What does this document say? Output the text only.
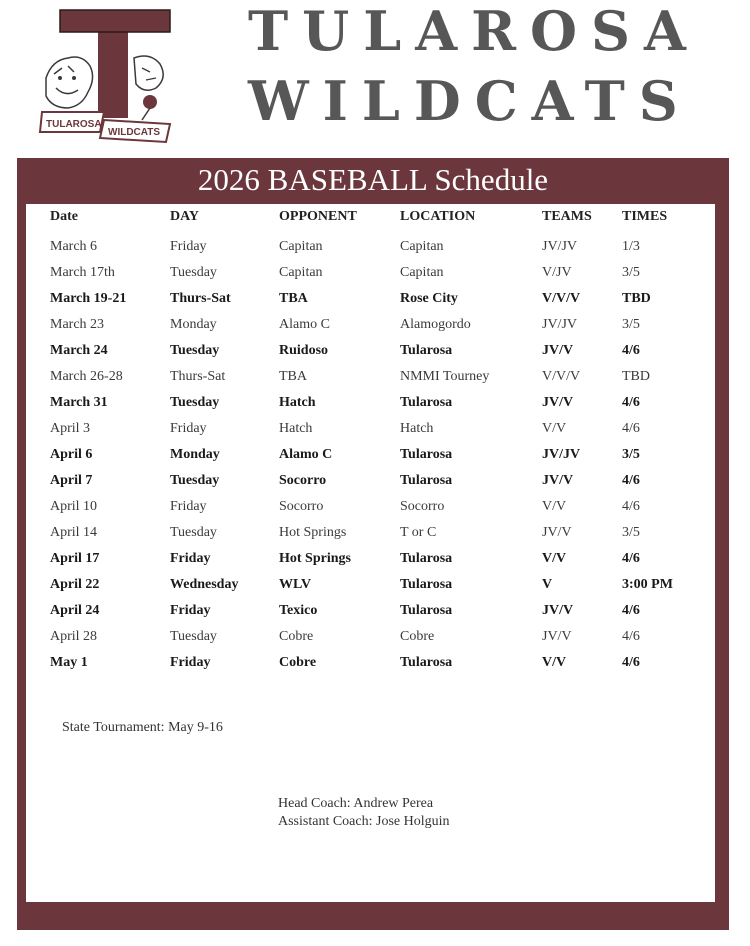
TULAROSA
WILDCATS
TULAROSA
WILDCATS
2026 BASEBALL Schedule
Date	DAY	OPPONENT	LOCATION	TEAMS	TIMES
March 6	Friday	Capitan	Capitan	JV/JV	1/3
March 17th	Tuesday	Capitan	Capitan	V/JV	3/5
March 19-21	Thurs-Sat	TBA	Rose City	V/V/V	TBD
March 23	Monday	Alamo C	Alamogordo	JV/JV	3/5
March 24	Tuesday	Ruidoso	Tularosa	JV/V	4/6
March 26-28	Thurs-Sat	TBA	NMMI Tourney	V/V/V	TBD
March 31	Tuesday	Hatch	Tularosa	JV/V	4/6
April 3	Friday	Hatch	Hatch	V/V	4/6
April 6	Monday	Alamo C	Tularosa	JV/JV	3/5
April 7	Tuesday	Socorro	Tularosa	JV/V	4/6
April 10	Friday	Socorro	Socorro	V/V	4/6
April 14	Tuesday	Hot Springs	T or C	JV/V	3/5
April 17	Friday	Hot Springs	Tularosa	V/V	4/6
April 22	Wednesday	WLV	Tularosa	V	3:00 PM
April 24	Friday	Texico	Tularosa	JV/V	4/6
April 28	Tuesday	Cobre	Cobre	JV/V	4/6
May 1	Friday	Cobre	Tularosa	V/V	4/6
State Tournament: May 9-16
Head Coach: Andrew Perea
Assistant Coach: Jose Holguin
